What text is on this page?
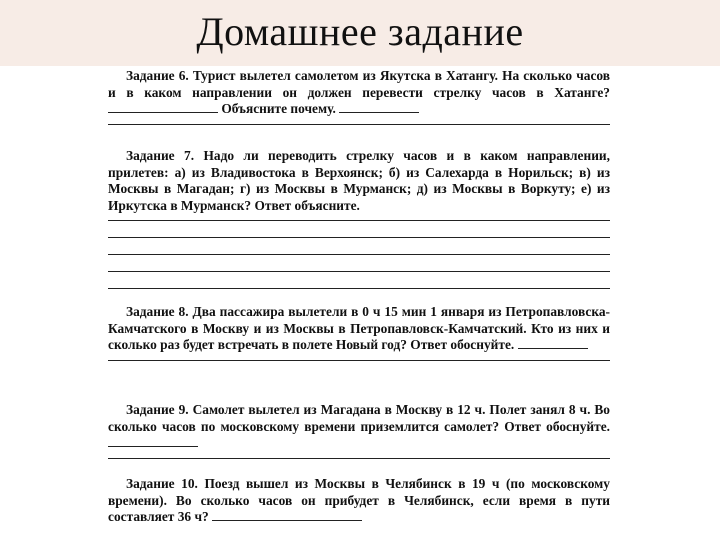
Домашнее задание

Задание 6. Турист вылетел самолетом из Якутска в Хатангу. На сколько часов и в каком направлении он должен перевести стрелку часов в Хатанге?  Объясните почему.

Задание 7. Надо ли переводить стрелку часов и в каком направлении, прилетев: а) из Владивостока в Верхоянск; б) из Салехарда в Норильск; в) из Москвы в Магадан; г) из Москвы в Мурманск; д) из Москвы в Воркуту; е) из Иркутска в Мурманск? Ответ объясните.

Задание 8. Два пассажира вылетели в 0 ч 15 мин 1 января из Петропавловска-Камчатского в Москву и из Москвы в Петропавловск-Камчатский. Кто из них и сколько раз будет встречать в полете Новый год? Ответ обоснуйте.

Задание 9. Самолет вылетел из Магадана в Москву в 12 ч. Полет занял 8 ч. Во сколько часов по московскому времени приземлится самолет? Ответ обоснуйте.

Задание 10. Поезд вышел из Москвы в Челябинск в 19 ч (по московскому времени). Во сколько часов он прибудет в Челябинск, если время в пути составляет 36 ч?
